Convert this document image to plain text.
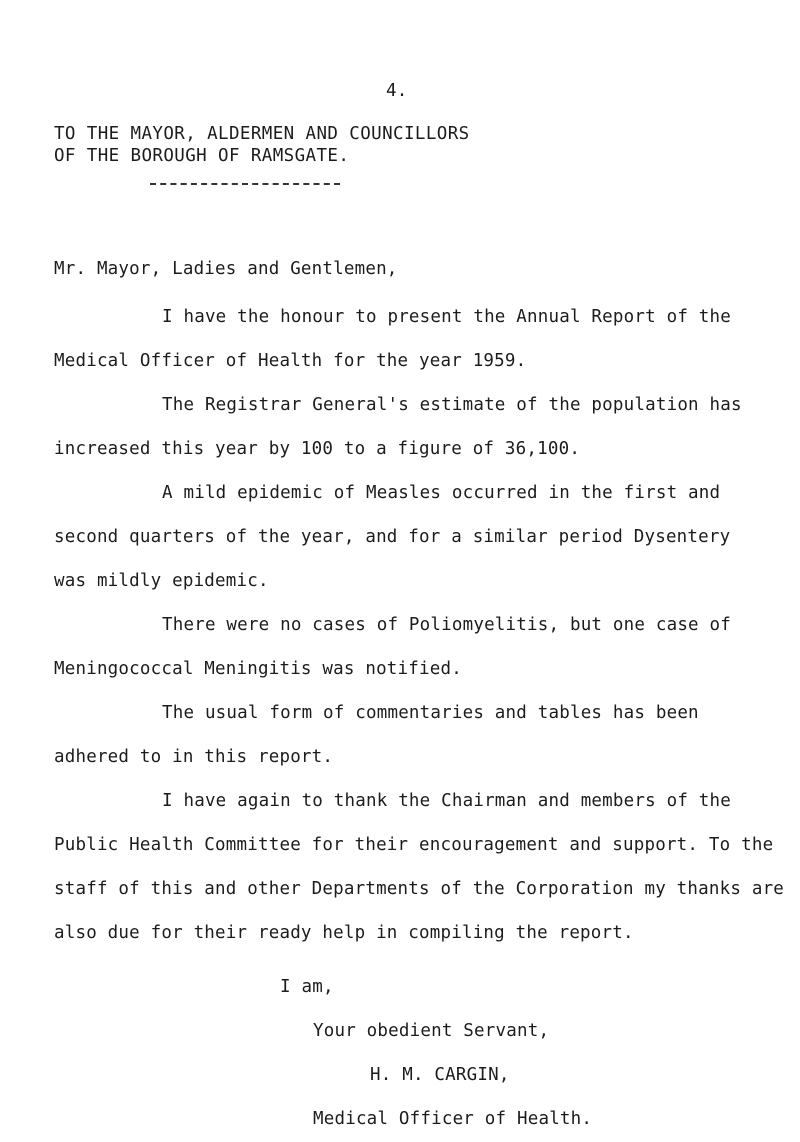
4.
TO THE MAYOR, ALDERMEN AND COUNCILLORS
OF THE BOROUGH OF RAMSGATE.
Mr. Mayor, Ladies and Gentlemen,
I have the honour to present the Annual Report of the
Medical Officer of Health for the year 1959.
The Registrar General's estimate of the population has
increased this year by 100 to a figure of 36,100.
A mild epidemic of Measles occurred in the first and
second quarters of the year, and for a similar period Dysentery
was mildly epidemic.
There were no cases of Poliomyelitis, but one case of
Meningococcal Meningitis was notified.
The usual form of commentaries and tables has been
adhered to in this report.
I have again to thank the Chairman and members of the
Public Health Committee for their encouragement and support. To the
staff of this and other Departments of the Corporation my thanks are
also due for their ready help in compiling the report.
I am,
Your obedient Servant,
H. M. CARGIN,
Medical Officer of Health.
